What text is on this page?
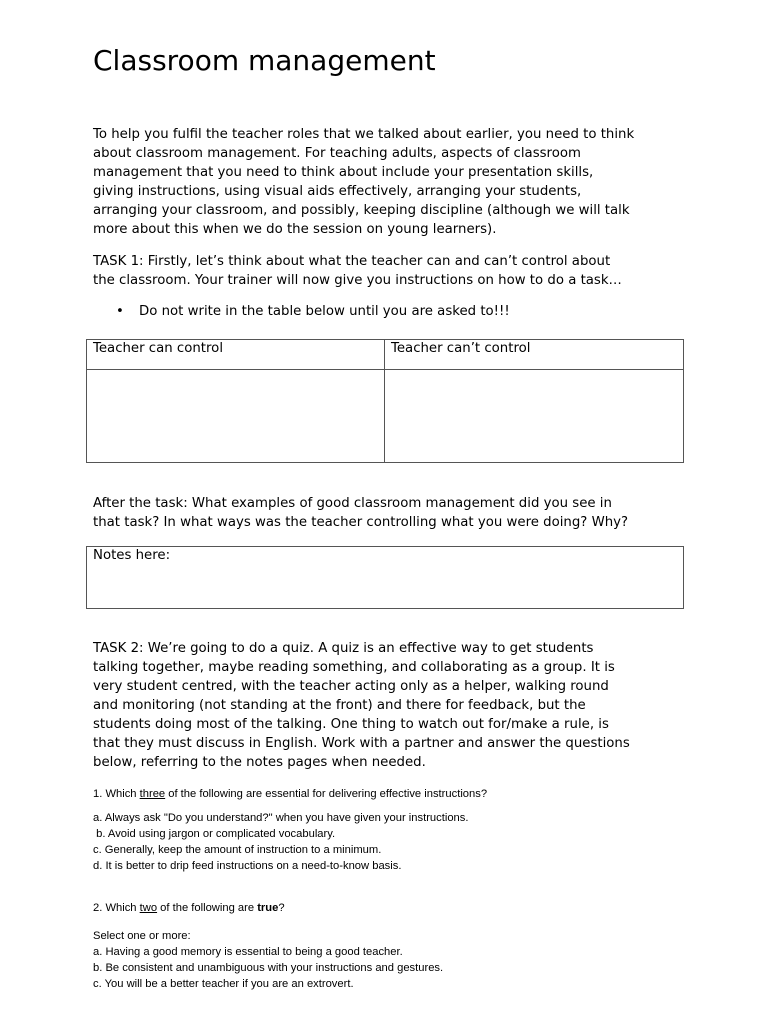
Classroom management
To help you fulfil the teacher roles that we talked about earlier, you need to think
about classroom management. For teaching adults, aspects of classroom
management that you need to think about include your presentation skills,
giving instructions, using visual aids effectively, arranging your students,
arranging your classroom, and possibly, keeping discipline (although we will talk
more about this when we do the session on young learners).
TASK 1: Firstly, let’s think about what the teacher can and can’t control about
the classroom. Your trainer will now give you instructions on how to do a task…
• Do not write in the table below until you are asked to!!!
Teacher can control	Teacher can’t control

After the task: What examples of good classroom management did you see in
that task? In what ways was the teacher controlling what you were doing? Why?
Notes here:
TASK 2: We’re going to do a quiz. A quiz is an effective way to get students
talking together, maybe reading something, and collaborating as a group. It is
very student centred, with the teacher acting only as a helper, walking round
and monitoring (not standing at the front) and there for feedback, but the
students doing most of the talking. One thing to watch out for/make a rule, is
that they must discuss in English. Work with a partner and answer the questions
below, referring to the notes pages when needed.
1. Which three of the following are essential for delivering effective instructions?
a. Always ask "Do you understand?" when you have given your instructions.
b. Avoid using jargon or complicated vocabulary.
c. Generally, keep the amount of instruction to a minimum.
d. It is better to drip feed instructions on a need-to-know basis.
2. Which two of the following are true?
Select one or more:
a. Having a good memory is essential to being a good teacher.
b. Be consistent and unambiguous with your instructions and gestures.
c. You will be a better teacher if you are an extrovert.
